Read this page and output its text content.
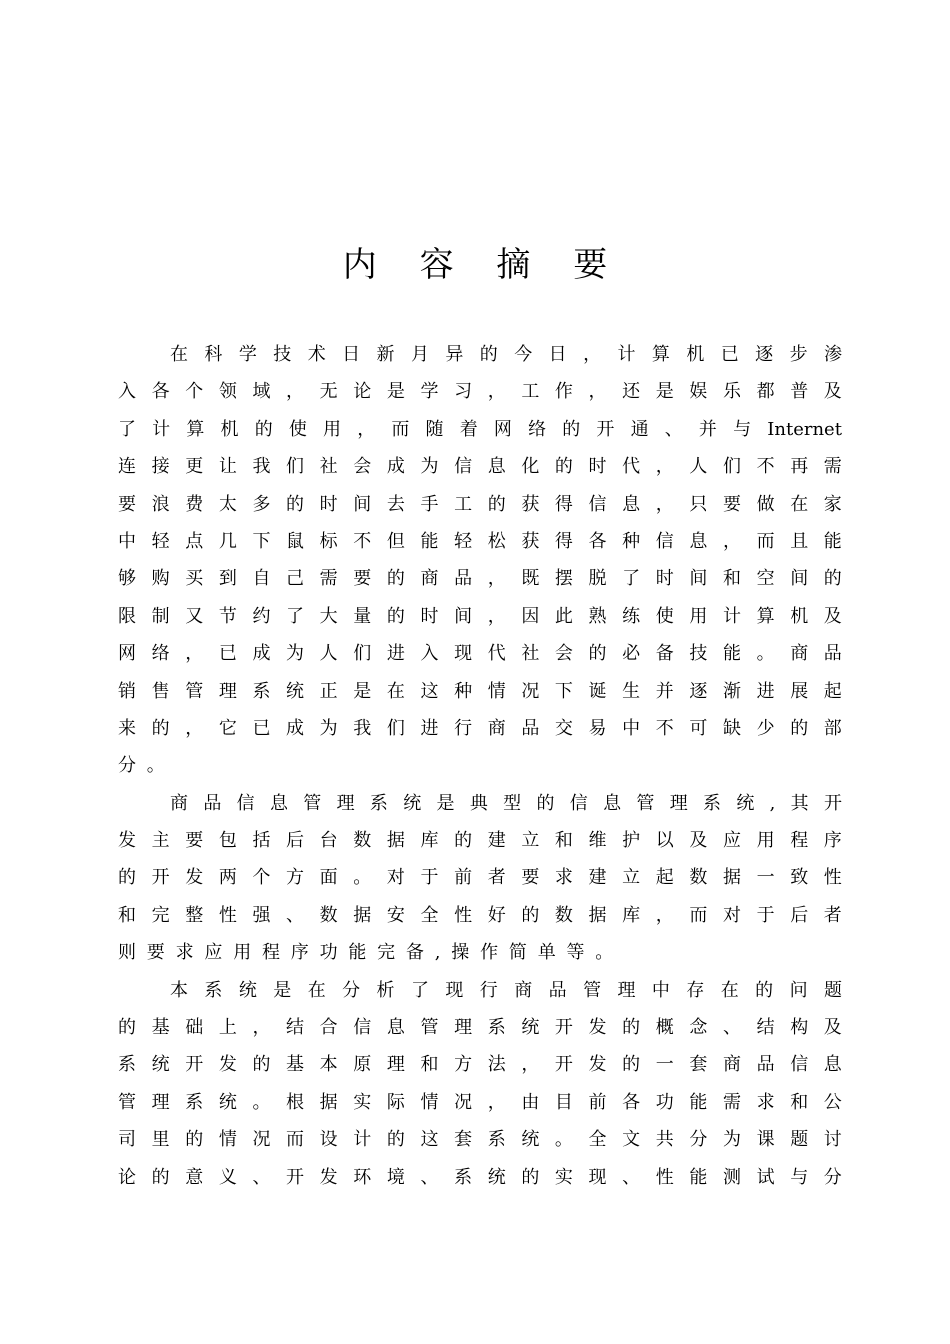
内 容 摘 要
在 科 学 技 术 日 新 月 异 的 今 日 ， 计 算 机 已 逐 步 渗
入 各 个 领 域 ， 无 论 是 学 习 ， 工 作 ， 还 是 娱 乐 都 普 及
了 计 算 机 的 使 用 ， 而 随 着 网 络 的 开 通 、 并 与 Internet
连 接 更 让 我 们 社 会 成 为 信 息 化 的 时 代 ， 人 们 不 再 需
要 浪 费 太 多 的 时 间 去 手 工 的 获 得 信 息 ， 只 要 做 在 家
中 轻 点 几 下 鼠 标 不 但 能 轻 松 获 得 各 种 信 息 ， 而 且 能
够 购 买 到 自 己 需 要 的 商 品 ， 既 摆 脱 了 时 间 和 空 间 的
限 制 又 节 约 了 大 量 的 时 间 ， 因 此 熟 练 使 用 计 算 机 及
网 络 ， 已 成 为 人 们 进 入 现 代 社 会 的 必 备 技 能 。 商 品
销 售 管 理 系 统 正 是 在 这 种 情 况 下 诞 生 并 逐 渐 进 展 起
来 的 ， 它 已 成 为 我 们 进 行 商 品 交 易 中 不 可 缺 少 的 部
分    。
商 品 信 息 管 理 系 统 是 典 型 的 信 息 管 理 系 统 , 其 开
发 主 要 包 括 后 台 数 据 库 的 建 立 和 维 护 以 及 应 用 程 序
的 开 发 两 个 方 面 。 对 于 前 者 要 求 建 立 起 数 据 一 致 性
和 完 整 性 强 、 数 据 安 全 性 好 的 数 据 库 ， 而 对 于 后 者
则    要    求    应    用    程    序    功    能    完    备    ,    操    作    简    单    等    。
本 系 统 是 在 分 析 了 现 行 商 品 管 理 中 存 在 的 问 题
的 基 础 上 ， 结 合 信 息 管 理 系 统 开 发 的 概 念 、 结 构 及
系 统 开 发 的 基 本 原 理 和 方 法 ， 开 发 的 一 套 商 品 信 息
管 理 系 统 。 根 据 实 际 情 况 ， 由 目 前 各 功 能 需 求 和 公
司 里 的 情 况 而 设 计 的 这 套 系 统 。 全 文 共 分 为 课 题 讨
论 的 意 义 、 开 发 环 境 、 系 统 的 实 现 、 性 能 测 试 与 分
